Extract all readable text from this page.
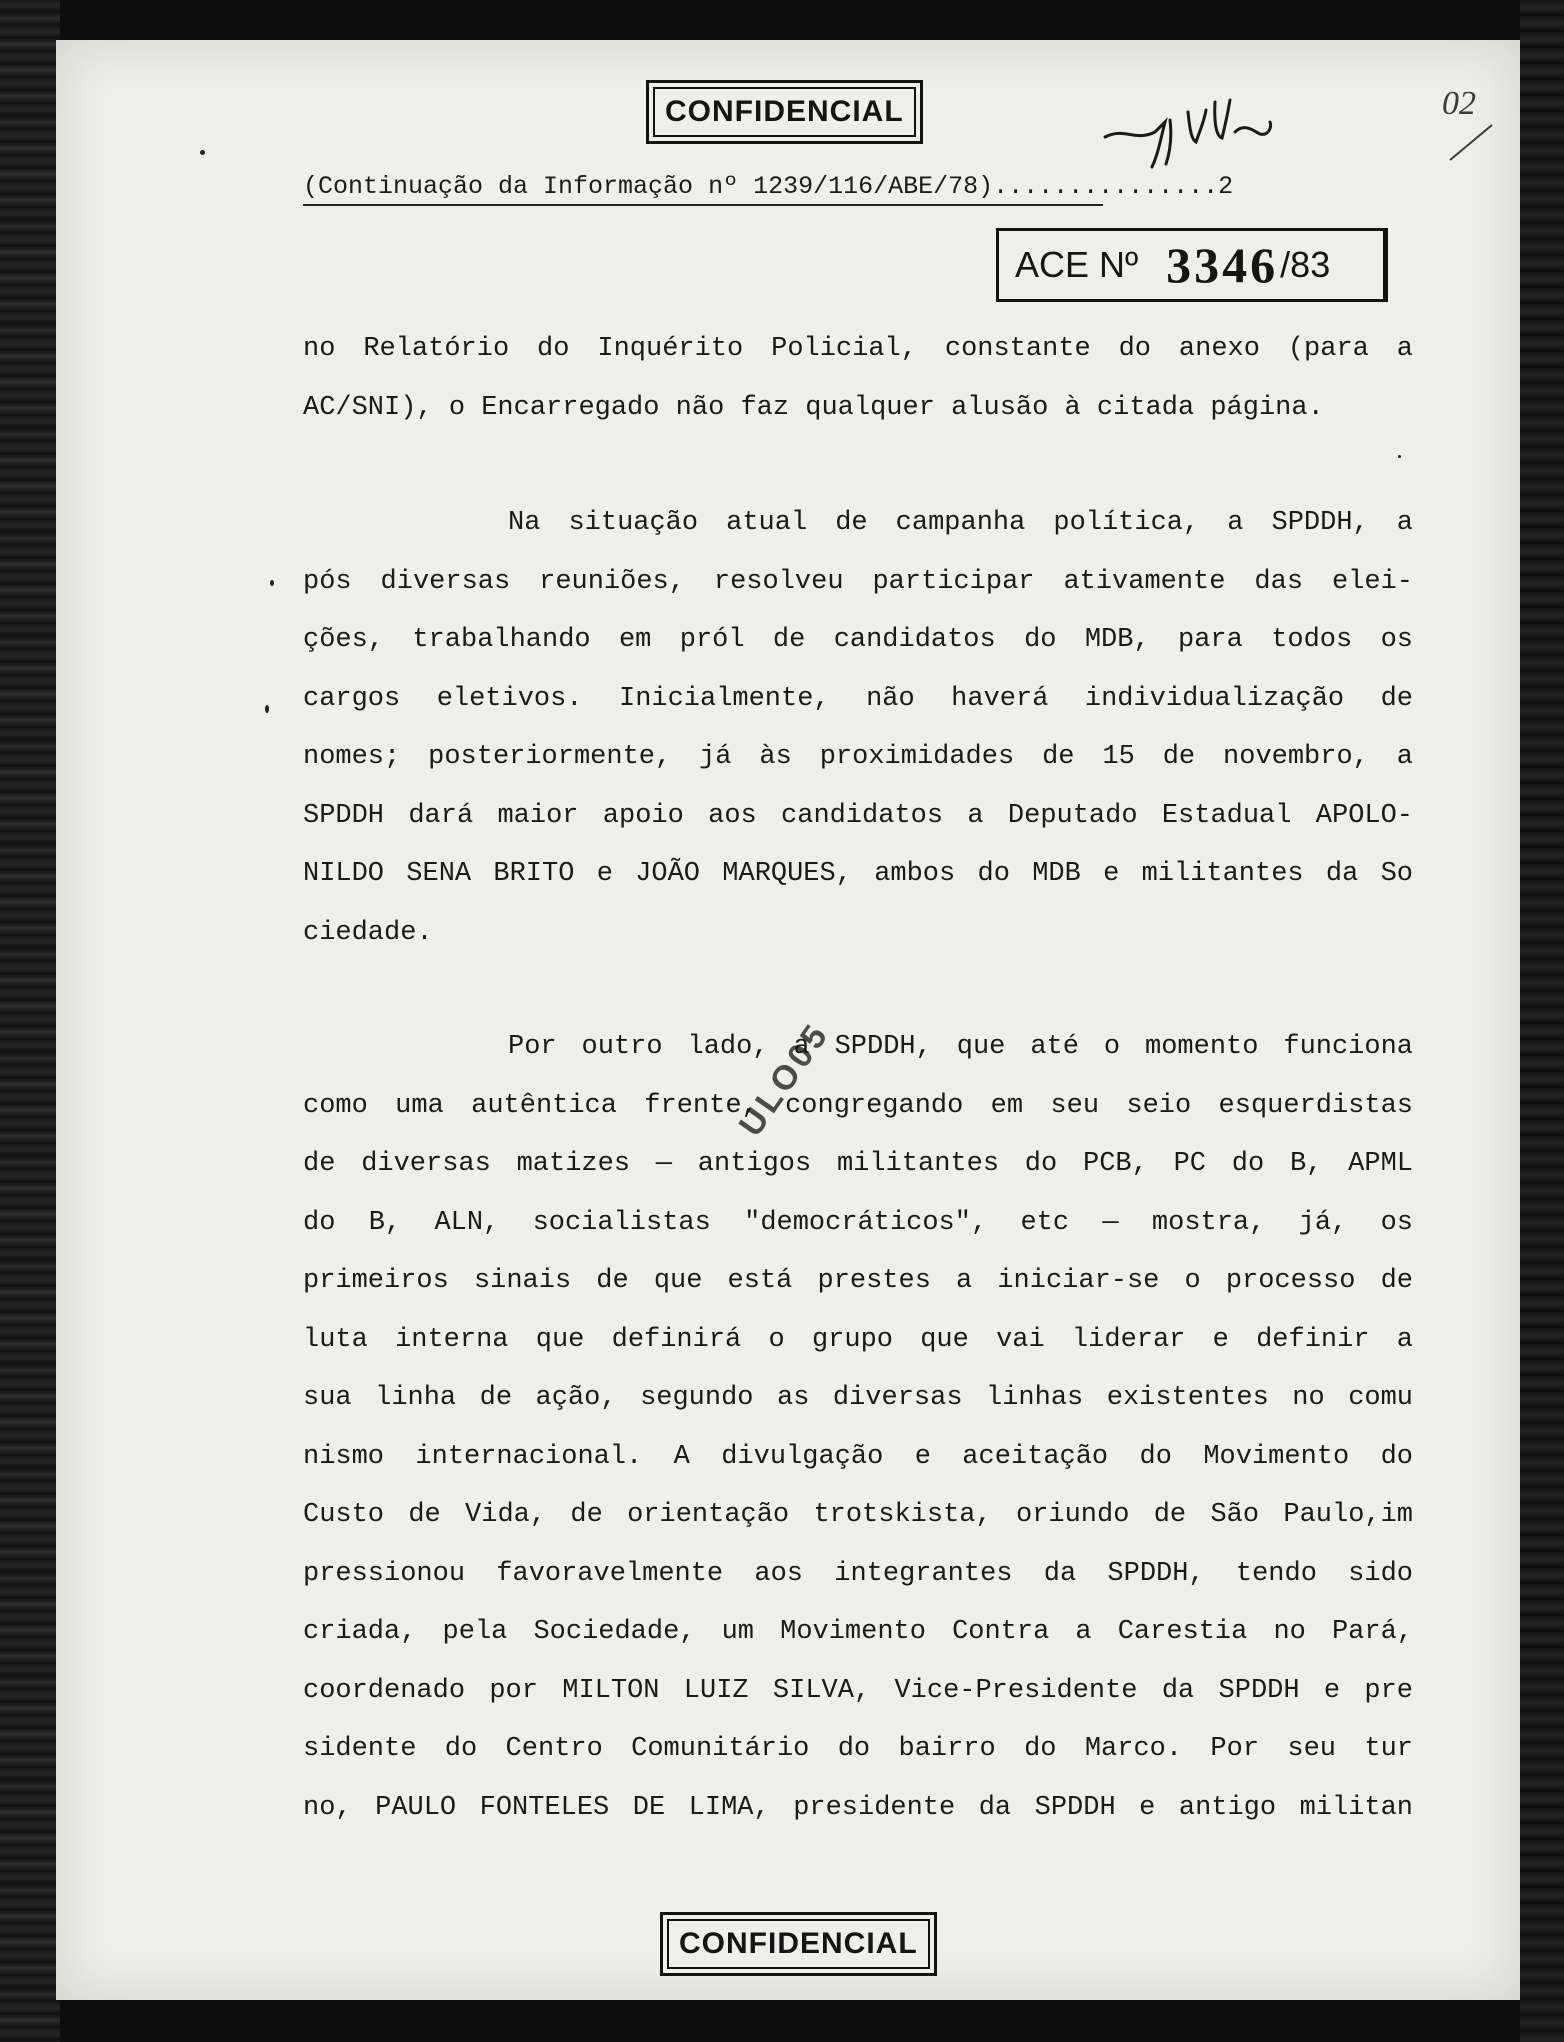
CONFIDENCIAL
ypllo	02
(Continuação da Informação nº 1239/116/ABE/78)...............2
ACE Nº 3346 /83
no Relatório do Inquérito Policial, constante do anexo (para a
AC/SNI), o Encarregado não faz qualquer alusão à citada página.
Na situação atual de campanha política, a SPDDH, a
pós diversas reuniões, resolveu participar ativamente das elei-
ções, trabalhando em pról de candidatos do MDB, para todos os
cargos eletivos. Inicialmente, não haverá individualização de
nomes; posteriormente, já às proximidades de 15 de novembro, a
SPDDH dará maior apoio aos candidatos a Deputado Estadual APOLO-
NILDO SENA BRITO e JOÃO MARQUES, ambos do MDB e militantes da So
ciedade.
Por outro lado, a SPDDH, que até o momento funciona
como uma autêntica frente, congregando em seu seio esquerdistas
de diversas matizes — antigos militantes do PCB, PC do B, APML
do B, ALN, socialistas "democráticos", etc — mostra, já, os
primeiros sinais de que está prestes a iniciar-se o processo de
luta interna que definirá o grupo que vai liderar e definir a
sua linha de ação, segundo as diversas linhas existentes no comu
nismo internacional. A divulgação e aceitação do Movimento do
Custo de Vida, de orientação trotskista, oriundo de São Paulo,im
pressionou favoravelmente aos integrantes da SPDDH, tendo sido
criada, pela Sociedade, um Movimento Contra a Carestia no Pará,
coordenado por MILTON LUIZ SILVA, Vice-Presidente da SPDDH e pre
sidente do Centro Comunitário do bairro do Marco. Por seu tur
no, PAULO FONTELES DE LIMA, presidente da SPDDH e antigo militan
ULO05
CONFIDENCIAL
